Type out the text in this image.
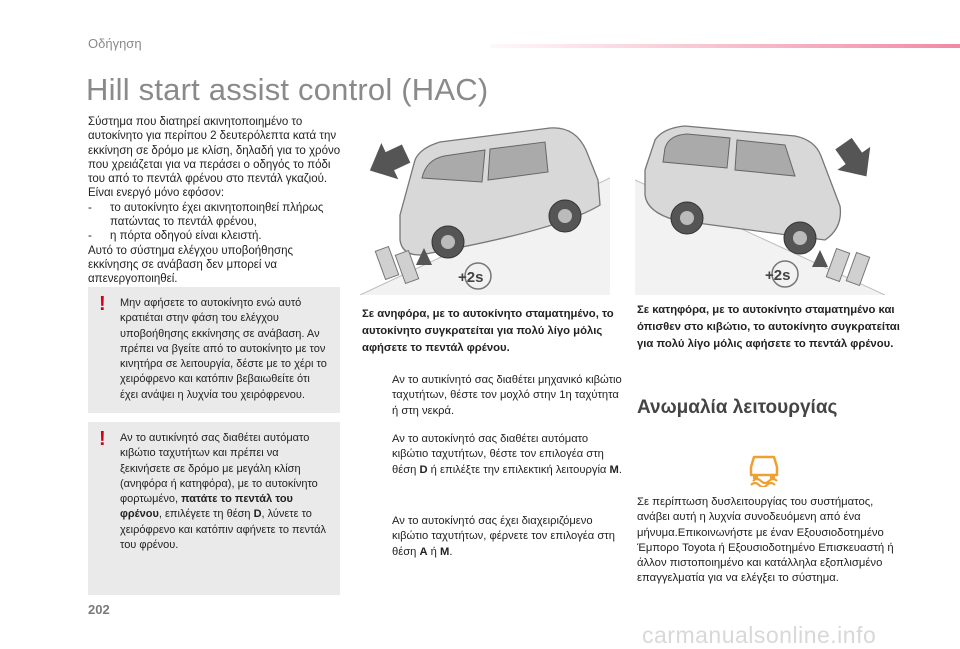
Οδήγηση
Hill start assist control (HAC)

Σύστημα που διατηρεί ακινητοποιημένο το αυτοκίνητο για περίπου 2 δευτερόλεπτα κατά την εκκίνηση σε δρόμο με κλίση, δηλαδή για το χρόνο που χρειάζεται για να περάσει ο οδηγός το πόδι του από το πεντάλ φρένου στο πεντάλ γκαζιού.

Είναι ενεργό μόνο εφόσον:

-	το αυτοκίνητο έχει ακινητοποιηθεί πλήρως πατώντας το πεντάλ φρένου,
-	η πόρτα οδηγού είναι κλειστή.

Αυτό το σύστημα ελέγχου υποβοήθησης εκκίνησης σε ανάβαση δεν μπορεί να απενεργοποιηθεί.

! Μην αφήσετε το αυτοκίνητο ενώ αυτό κρατιέται στην φάση του ελέγχου υποβοήθησης εκκίνησης σε ανάβαση. Αν πρέπει να βγείτε από το αυτοκίνητο με τον κινητήρα σε λειτουργία, δέστε με το χέρι το χειρόφρενο και κατόπιν βεβαιωθείτε ότι έχει ανάψει η λυχνία του χειρόφρενου.

! Αν το αυτικίνητό σας διαθέτει αυτόματο κιβώτιο ταχυτήτων και πρέπει να ξεκινήσετε σε δρόμο με μεγάλη κλίση (ανηφόρα ή κατηφόρα), με το αυτοκίνητο φορτωμένο, πατάτε το πεντάλ του φρένου, επιλέγετε τη θέση D, λύνετε το χειρόφρενο και κατόπιν αφήνετε το πεντάλ του φρένου.

+2s	+2s
Σε ανηφόρα, με το αυτοκίνητο σταματημένο, το αυτοκίνητο συγκρατείται για πολύ λίγο μόλις αφήσετε το πεντάλ φρένου.
Σε κατηφόρα, με το αυτοκίνητο σταματημένο και όπισθεν στο κιβώτιο, το αυτοκίνητο συγκρατείται για πολύ λίγο μόλις αφήσετε το πεντάλ φρένου.
Αν το αυτικίνητό σας διαθέτει μηχανικό κιβώτιο ταχυτήτων, θέστε τον μοχλό στην 1η ταχύτητα ή στη νεκρά.
Αν το αυτοκίνητό σας διαθέτει αυτόματο κιβώτιο ταχυτήτων, θέστε τον επιλογέα στη θέση D ή επιλέξτε την επιλεκτική λειτουργία M.
Αν το αυτοκίνητό σας έχει διαχειριζόμενο κιβώτιο ταχυτήτων, φέρνετε τον επιλογέα στη θέση A ή M.
Ανωμαλία λειτουργίας
Σε περίπτωση δυσλειτουργίας του συστήματος, ανάβει αυτή η λυχνία συνοδευόμενη από ένα μήνυμα.Επικοινωνήστε με έναν Εξουσιοδοτημένο Έμπορο Toyota ή Εξουσιοδοτημένο Επισκευαστή ή άλλον πιστοποιημένο και κατάλληλα εξοπλισμένο επαγγελματία για να ελέγξει το σύστημα.
202
carmanualsonline.info
